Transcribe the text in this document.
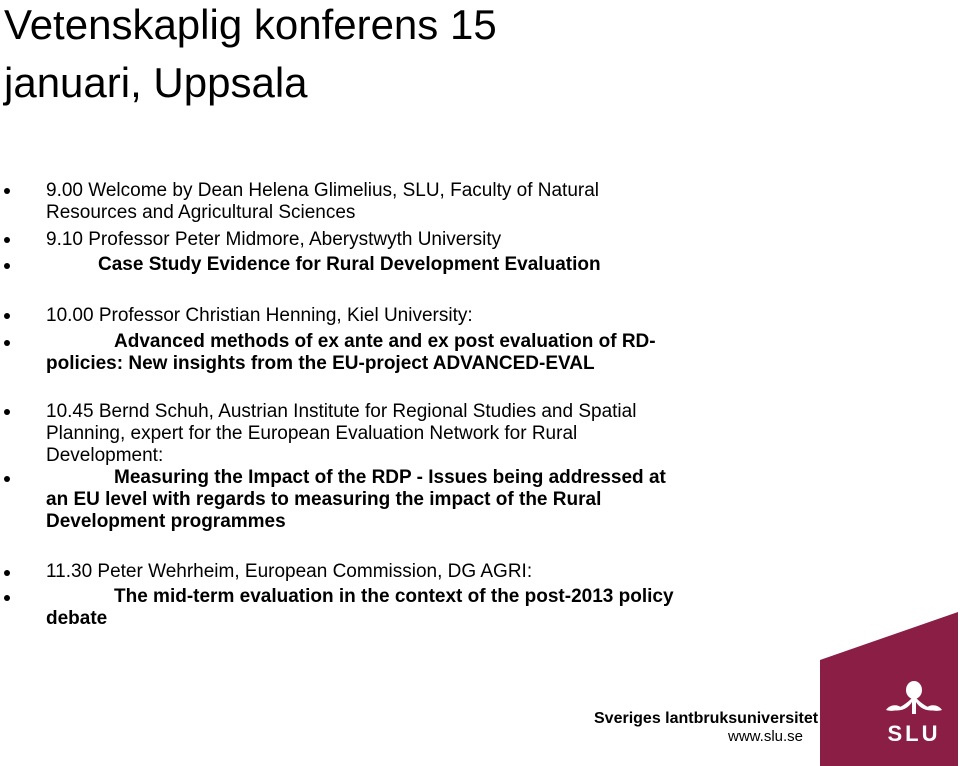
Vetenskaplig konferens 15
januari, Uppsala
9.00 Welcome by Dean Helena Glimelius, SLU, Faculty of Natural
Resources and Agricultural Sciences
9.10 Professor Peter Midmore, Aberystwyth University
Case Study Evidence for Rural Development Evaluation
10.00 Professor Christian Henning, Kiel University:
Advanced methods of ex ante and ex post evaluation of RD-
policies: New insights from the EU-project ADVANCED-EVAL
10.45 Bernd Schuh, Austrian Institute for Regional Studies and Spatial
Planning, expert for the European Evaluation Network for Rural
Development:
Measuring the Impact of the RDP - Issues being addressed at
an EU level with regards to measuring the impact of the Rural
Development programmes
11.30 Peter Wehrheim, European Commission, DG AGRI:
The mid-term evaluation in the context of the post-2013 policy
debate
Sveriges lantbruksuniversitet
www.slu.se	SLU
